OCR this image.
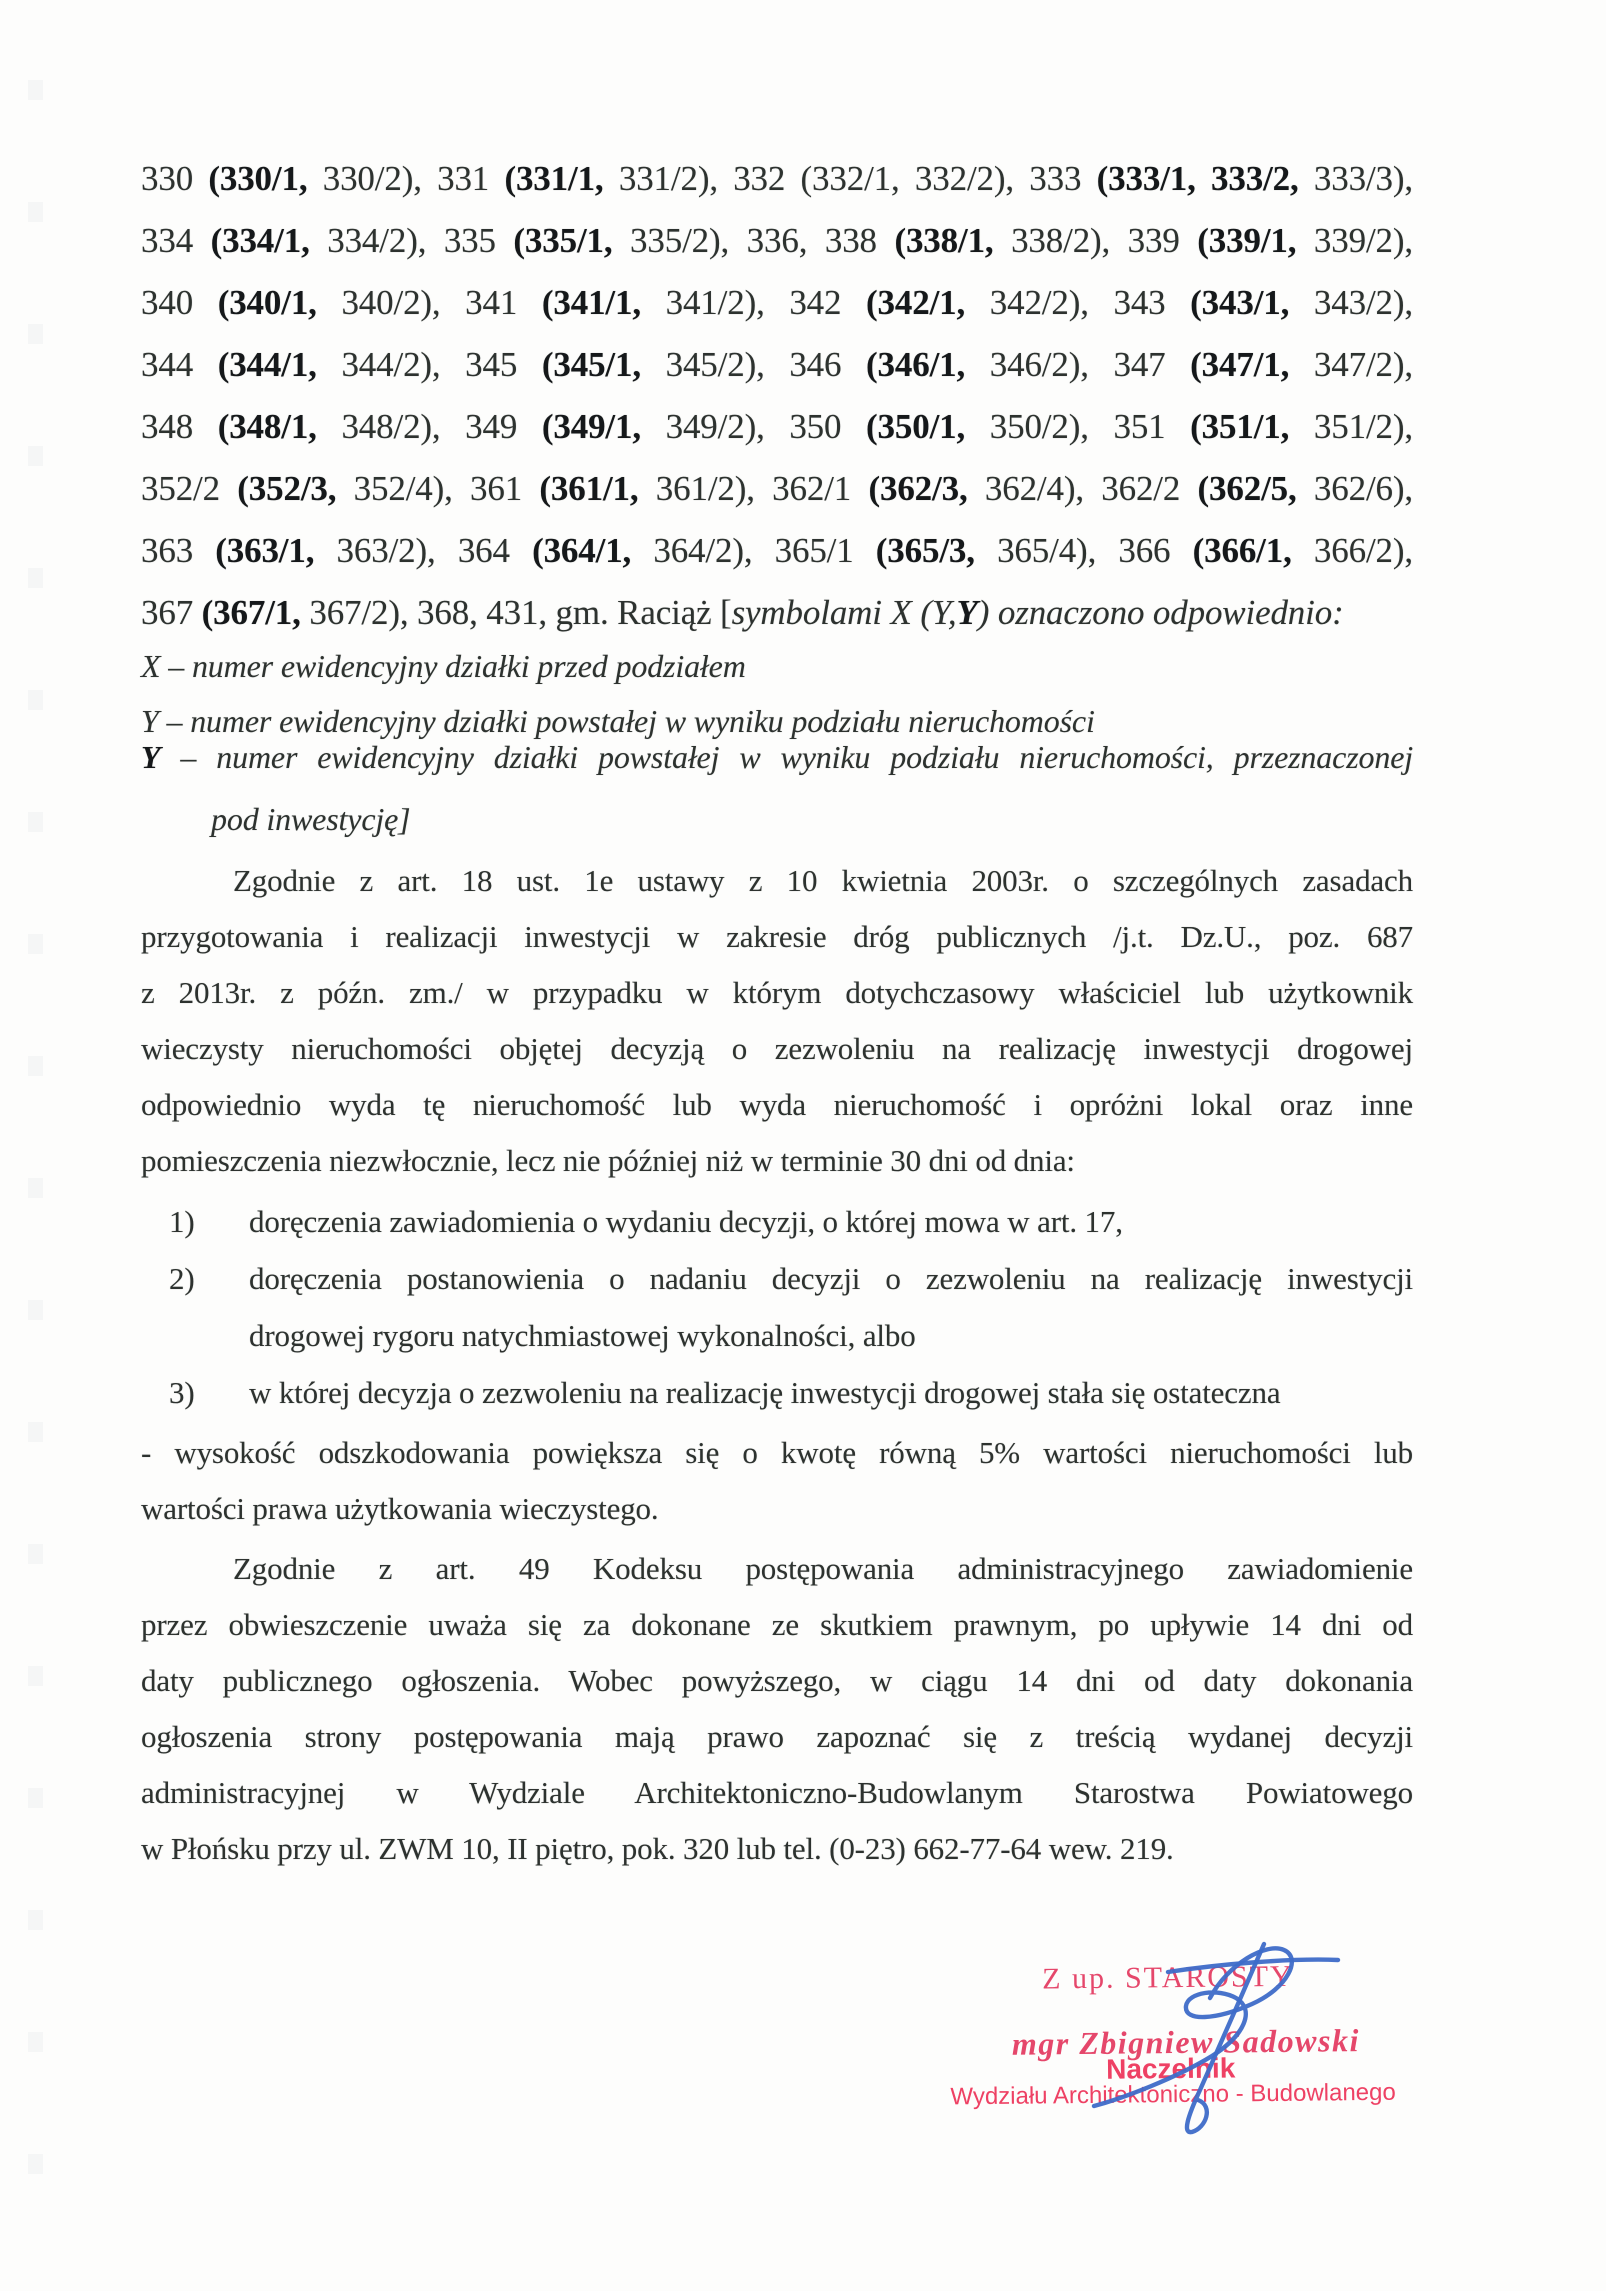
330 (330/1, 330/2), 331 (331/1, 331/2), 332 (332/1, 332/2), 333 (333/1, 333/2, 333/3),
334 (334/1, 334/2), 335 (335/1, 335/2), 336, 338 (338/1, 338/2), 339 (339/1, 339/2),
340 (340/1, 340/2), 341 (341/1, 341/2), 342 (342/1, 342/2), 343 (343/1, 343/2),
344 (344/1, 344/2), 345 (345/1, 345/2), 346 (346/1, 346/2), 347 (347/1, 347/2),
348 (348/1, 348/2), 349 (349/1, 349/2), 350 (350/1, 350/2), 351 (351/1, 351/2),
352/2 (352/3, 352/4), 361 (361/1, 361/2), 362/1 (362/3, 362/4), 362/2 (362/5, 362/6),
363 (363/1, 363/2), 364 (364/1, 364/2), 365/1 (365/3, 365/4), 366 (366/1, 366/2),
367 (367/1, 367/2), 368, 431, gm. Raciąż [symbolami X (Y,Y) oznaczono odpowiednio:
X – numer ewidencyjny działki przed podziałem
Y – numer ewidencyjny działki powstałej w wyniku podziału nieruchomości
Y – numer ewidencyjny działki powstałej w wyniku podziału nieruchomości, przeznaczonej
pod inwestycję]
Zgodnie z art. 18 ust. 1e ustawy z 10 kwietnia 2003r. o szczególnych zasadach
przygotowania i realizacji inwestycji w zakresie dróg publicznych /j.t. Dz.U., poz. 687
z 2013r. z późn. zm./ w przypadku w którym dotychczasowy właściciel lub użytkownik
wieczysty nieruchomości objętej decyzją o zezwoleniu na realizację inwestycji drogowej
odpowiednio wyda tę nieruchomość lub wyda nieruchomość i opróżni lokal oraz inne
pomieszczenia niezwłocznie, lecz nie później niż w terminie 30 dni od dnia:
1) doręczenia zawiadomienia o wydaniu decyzji, o której mowa w art. 17,
2) doręczenia postanowienia o nadaniu decyzji o zezwoleniu na realizację inwestycji
drogowej rygoru natychmiastowej wykonalności, albo
3) w której decyzja o zezwoleniu na realizację inwestycji drogowej stała się ostateczna
- wysokość odszkodowania powiększa się o kwotę równą 5% wartości nieruchomości lub
wartości prawa użytkowania wieczystego.
Zgodnie z art. 49 Kodeksu postępowania administracyjnego zawiadomienie
przez obwieszczenie uważa się za dokonane ze skutkiem prawnym, po upływie 14 dni od
daty publicznego ogłoszenia. Wobec powyższego, w ciągu 14 dni od daty dokonania
ogłoszenia strony postępowania mają prawo zapoznać się z treścią wydanej decyzji
administracyjnej w Wydziale Architektoniczno-Budowlanym Starostwa Powiatowego
w Płońsku przy ul. ZWM 10, II piętro, pok. 320 lub tel. (0-23) 662-77-64 wew. 219.
Z up. STAROSTY
mgr Zbigniew Sadowski
Naczelnik
Wydziału Architektoniczno - Budowlanego
